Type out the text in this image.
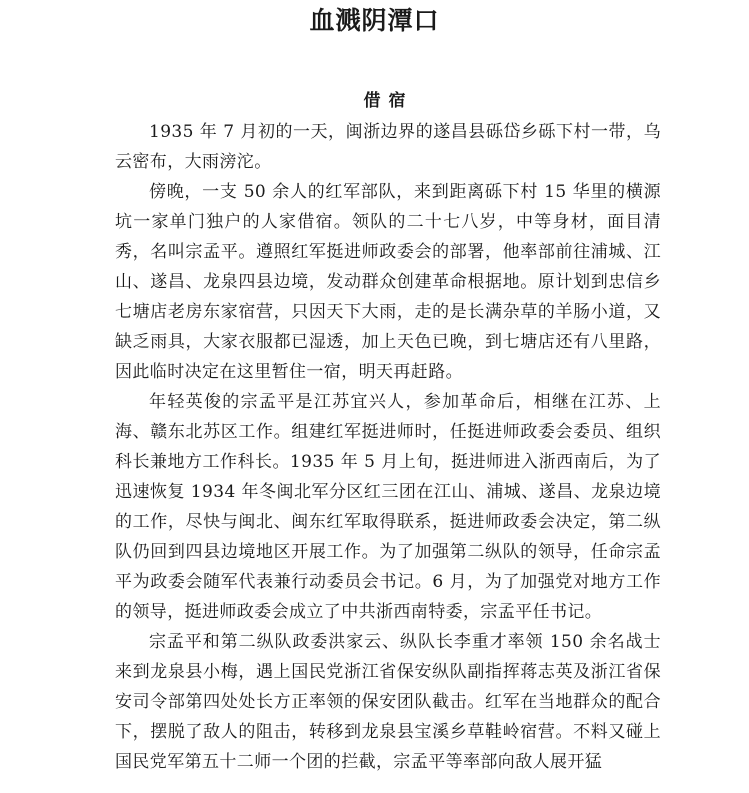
血溅阴潭口
借宿

1935 年 7 月初的一天，闽浙边界的遂昌县砾岱乡砾下村一带，乌云密布，大雨滂沱。

傍晚，一支 50 余人的红军部队，来到距离砾下村 15 华里的横源坑一家单门独户的人家借宿。领队的二十七八岁，中等身材，面目清秀，名叫宗孟平。遵照红军挺进师政委会的部署，他率部前往浦城、江山、遂昌、龙泉四县边境，发动群众创建革命根据地。原计划到忠信乡七塘店老房东家宿营，只因天下大雨，走的是长满杂草的羊肠小道，又缺乏雨具，大家衣服都已湿透，加上天色已晚，到七塘店还有八里路，因此临时决定在这里暂住一宿，明天再赶路。

年轻英俊的宗孟平是江苏宜兴人，参加革命后，相继在江苏、上海、赣东北苏区工作。组建红军挺进师时，任挺进师政委会委员、组织科长兼地方工作科长。1935 年 5 月上旬，挺进师进入浙西南后，为了迅速恢复 1934 年冬闽北军分区红三团在江山、浦城、遂昌、龙泉边境的工作，尽快与闽北、闽东红军取得联系，挺进师政委会决定，第二纵队仍回到四县边境地区开展工作。为了加强第二纵队的领导，任命宗孟平为政委会随军代表兼行动委员会书记。6 月，为了加强党对地方工作的领导，挺进师政委会成立了中共浙西南特委，宗孟平任书记。

宗孟平和第二纵队政委洪家云、纵队长李重才率领 150 余名战士来到龙泉县小梅，遇上国民党浙江省保安纵队副指挥蒋志英及浙江省保安司令部第四处处长方正率领的保安团队截击。红军在当地群众的配合下，摆脱了敌人的阻击，转移到龙泉县宝溪乡草鞋岭宿营。不料又碰上国民党军第五十二师一个团的拦截，宗孟平等率部向敌人展开猛
